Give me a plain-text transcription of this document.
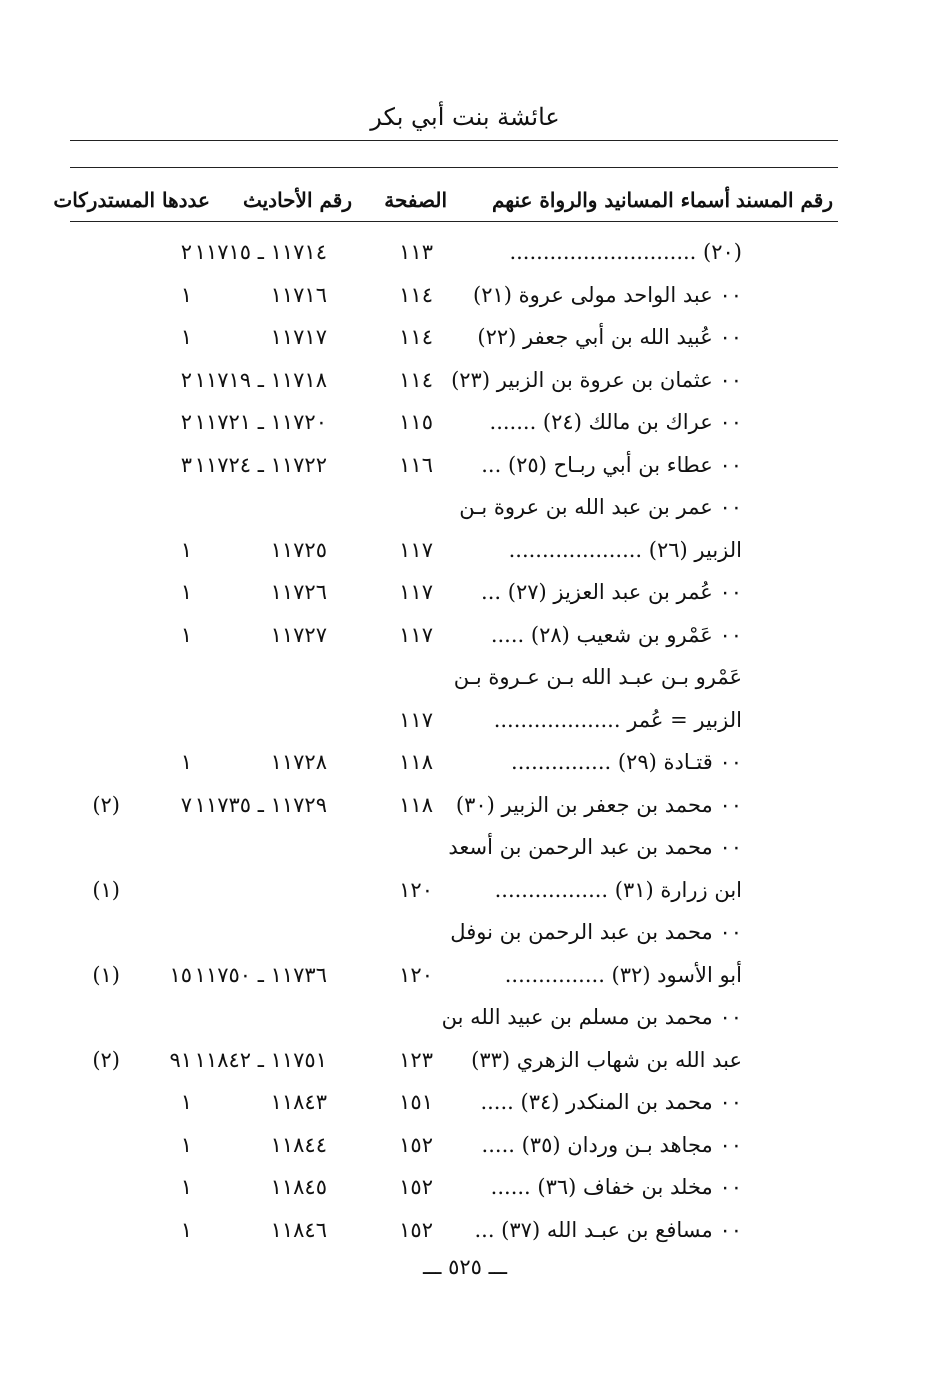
عائشة بنت أبي بكر
رقم المسند
أسماء المسانيد والرواة عنهم
الصفحة
رقم الأحاديث
عددها المستدركات
(٢٠) ............................
١١٣
١١٧١٤ ـ ١١٧١٥
٢
٠٠ عبد الواحد مولى عروة (٢١)
١١٤
١١٧١٦
١
٠٠ عُبيد الله بن أبي جعفر (٢٢)
١١٤
١١٧١٧
١
٠٠ عثمان بن عروة بن الزبير (٢٣)
١١٤
١١٧١٨ ـ ١١٧١٩
٢
٠٠ عراك بن مالك (٢٤) .......
١١٥
١١٧٢٠ ـ ١١٧٢١
٢
٠٠ عطاء بن أبي ربـاح (٢٥) ...
١١٦
١١٧٢٢ ـ ١١٧٢٤
٣
٠٠ عمر بن عبد الله بن عروة بـن
الزبير (٢٦) ....................
١١٧
١١٧٢٥
١
٠٠ عُمر بن عبد العزيز (٢٧) ...
١١٧
١١٧٢٦
١
٠٠ عَمْرو بن شعيب (٢٨) .....
١١٧
١١٧٢٧
١
عَمْرو بـن عبـد الله بـن عـروة بـن
الزبير = عُمر ...................
١١٧
٠٠ قتـادة (٢٩) ...............
١١٨
١١٧٢٨
١
٠٠ محمد بن جعفر بن الزبير (٣٠)
١١٨
١١٧٢٩ ـ ١١٧٣٥
٧
(٢)
٠٠ محمد بن عبد الرحمن بن أسعد
ابن زرارة (٣١) .................
١٢٠
(١)
٠٠ محمد بن عبد الرحمن بن نوفل
أبو الأسود (٣٢) ...............
١٢٠
١١٧٣٦ ـ ١١٧٥٠
١٥
(١)
٠٠ محمد بن مسلم بن عبيد الله بن
عبد الله بن شهاب الزهري (٣٣)
١٢٣
١١٧٥١ ـ ١١٨٤٢
٩١
(٢)
٠٠ محمد بن المنكدر (٣٤) .....
١٥١
١١٨٤٣
١
٠٠ مجاهد بـن وردان (٣٥) .....
١٥٢
١١٨٤٤
١
٠٠ مخلد بن خفاف (٣٦) ......
١٥٢
١١٨٤٥
١
٠٠ مسافع بن عبـد الله (٣٧) ...
١٥٢
١١٨٤٦
١
ـــ ٥٢٥ ـــ
